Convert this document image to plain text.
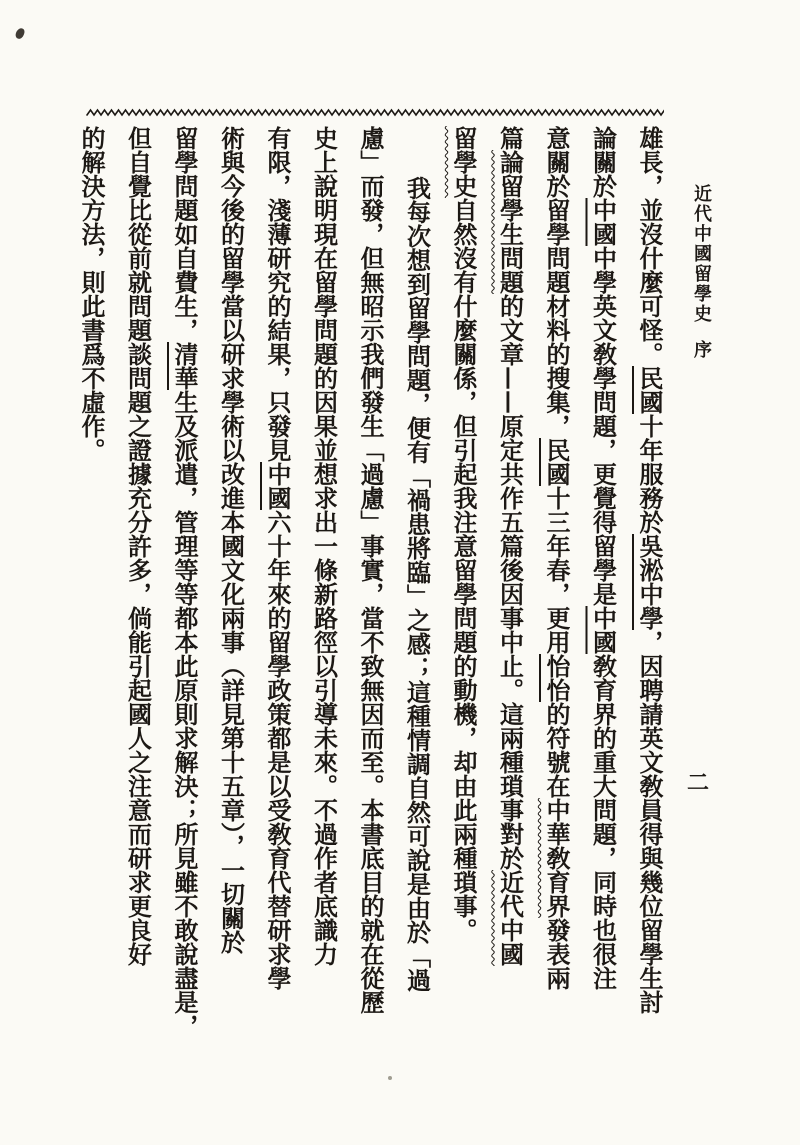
近代中國留學史序
二
雄長，並沒什麼可怪。民國十年服務於吳淞中學，因聘請英文敎員得與幾位留學生討
論關於中國中學英文敎學問題，更覺得留學是中國敎育界的重大問題，同時也很注
意關於留學問題材料的搜集，民國十三年春，更用怡怡的符號在中華敎育界發表兩
篇論留學生問題的文章——原定共作五篇後因事中止。這兩種瑣事對於近代中國
留學史自然沒有什麼關係，但引起我注意留學問題的動機，却由此兩種瑣事。
我每次想到留學問題，便有「禍患將臨」之感；這種情調自然可說是由於「過
慮」而發，但無昭示我們發生「過慮」事實，當不致無因而至。本書底目的就在從歷
史上說明現在留學問題的因果並想求出一條新路徑以引導未來。不過作者底識力
有限，淺薄研究的結果，只發見中國六十年來的留學政策都是以受敎育代替研求學
術與今後的留學當以研求學術以改進本國文化兩事（詳見第十五章），一切關於
留學問題如自費生，清華生及派遣，管理等等都本此原則求解決；所見雖不敢說盡是，
但自覺比從前就問題談問題之證據充分許多，倘能引起國人之注意而研求更良好
的解決方法，則此書爲不虛作。
